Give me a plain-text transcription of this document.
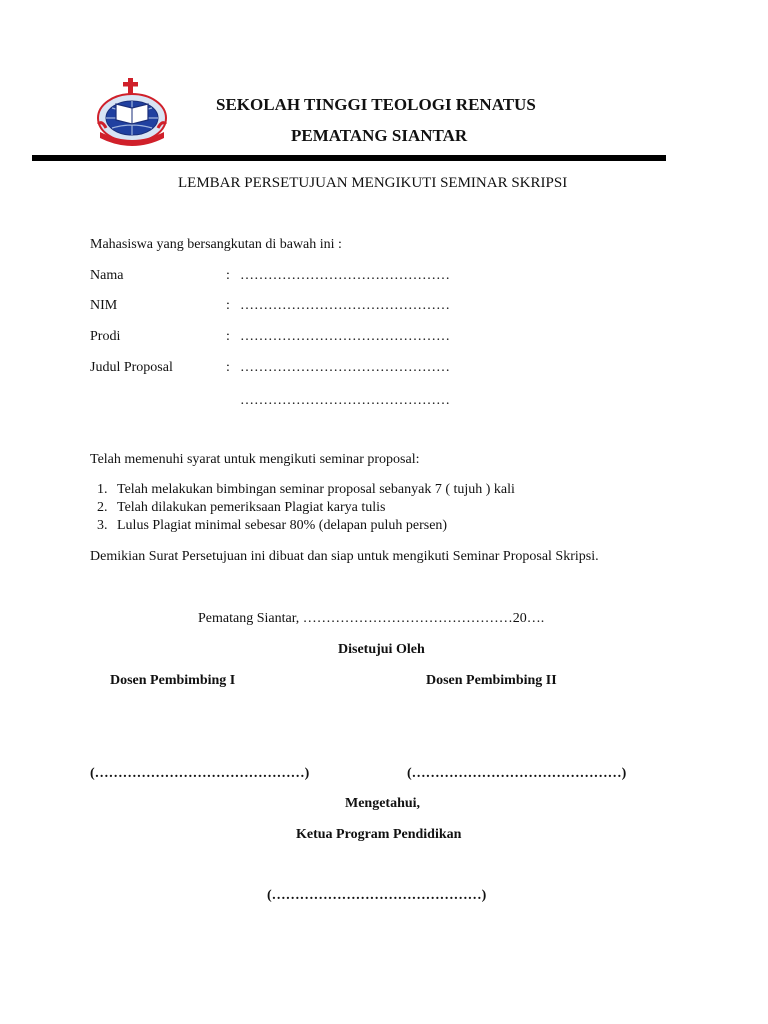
SEKOLAH TINGGI TEOLOGI RENATUS
PEMATANG SIANTAR
LEMBAR PERSETUJUAN MENGIKUTI SEMINAR SKRIPSI
Mahasiswa yang bersangkutan di bawah ini :
Nama	: ………………………………………
NIM	: ………………………………………
Prodi	: ………………………………………
Judul Proposal	: ………………………………………
………………………………………
Telah memenuhi syarat untuk mengikuti seminar proposal:
1. Telah melakukan bimbingan seminar proposal sebanyak 7 ( tujuh ) kali
2. Telah dilakukan pemeriksaan Plagiat karya tulis
3. Lulus Plagiat minimal sebesar 80% (delapan puluh persen)
Demikian Surat Persetujuan ini dibuat dan siap untuk mengikuti Seminar Proposal Skripsi.
Pematang Siantar, ………………………………………20….
Disetujui Oleh
Dosen Pembimbing I	Dosen Pembimbing II
(………………………………………)	(………………………………………)
Mengetahui,
Ketua Program Pendidikan
(………………………………………)
